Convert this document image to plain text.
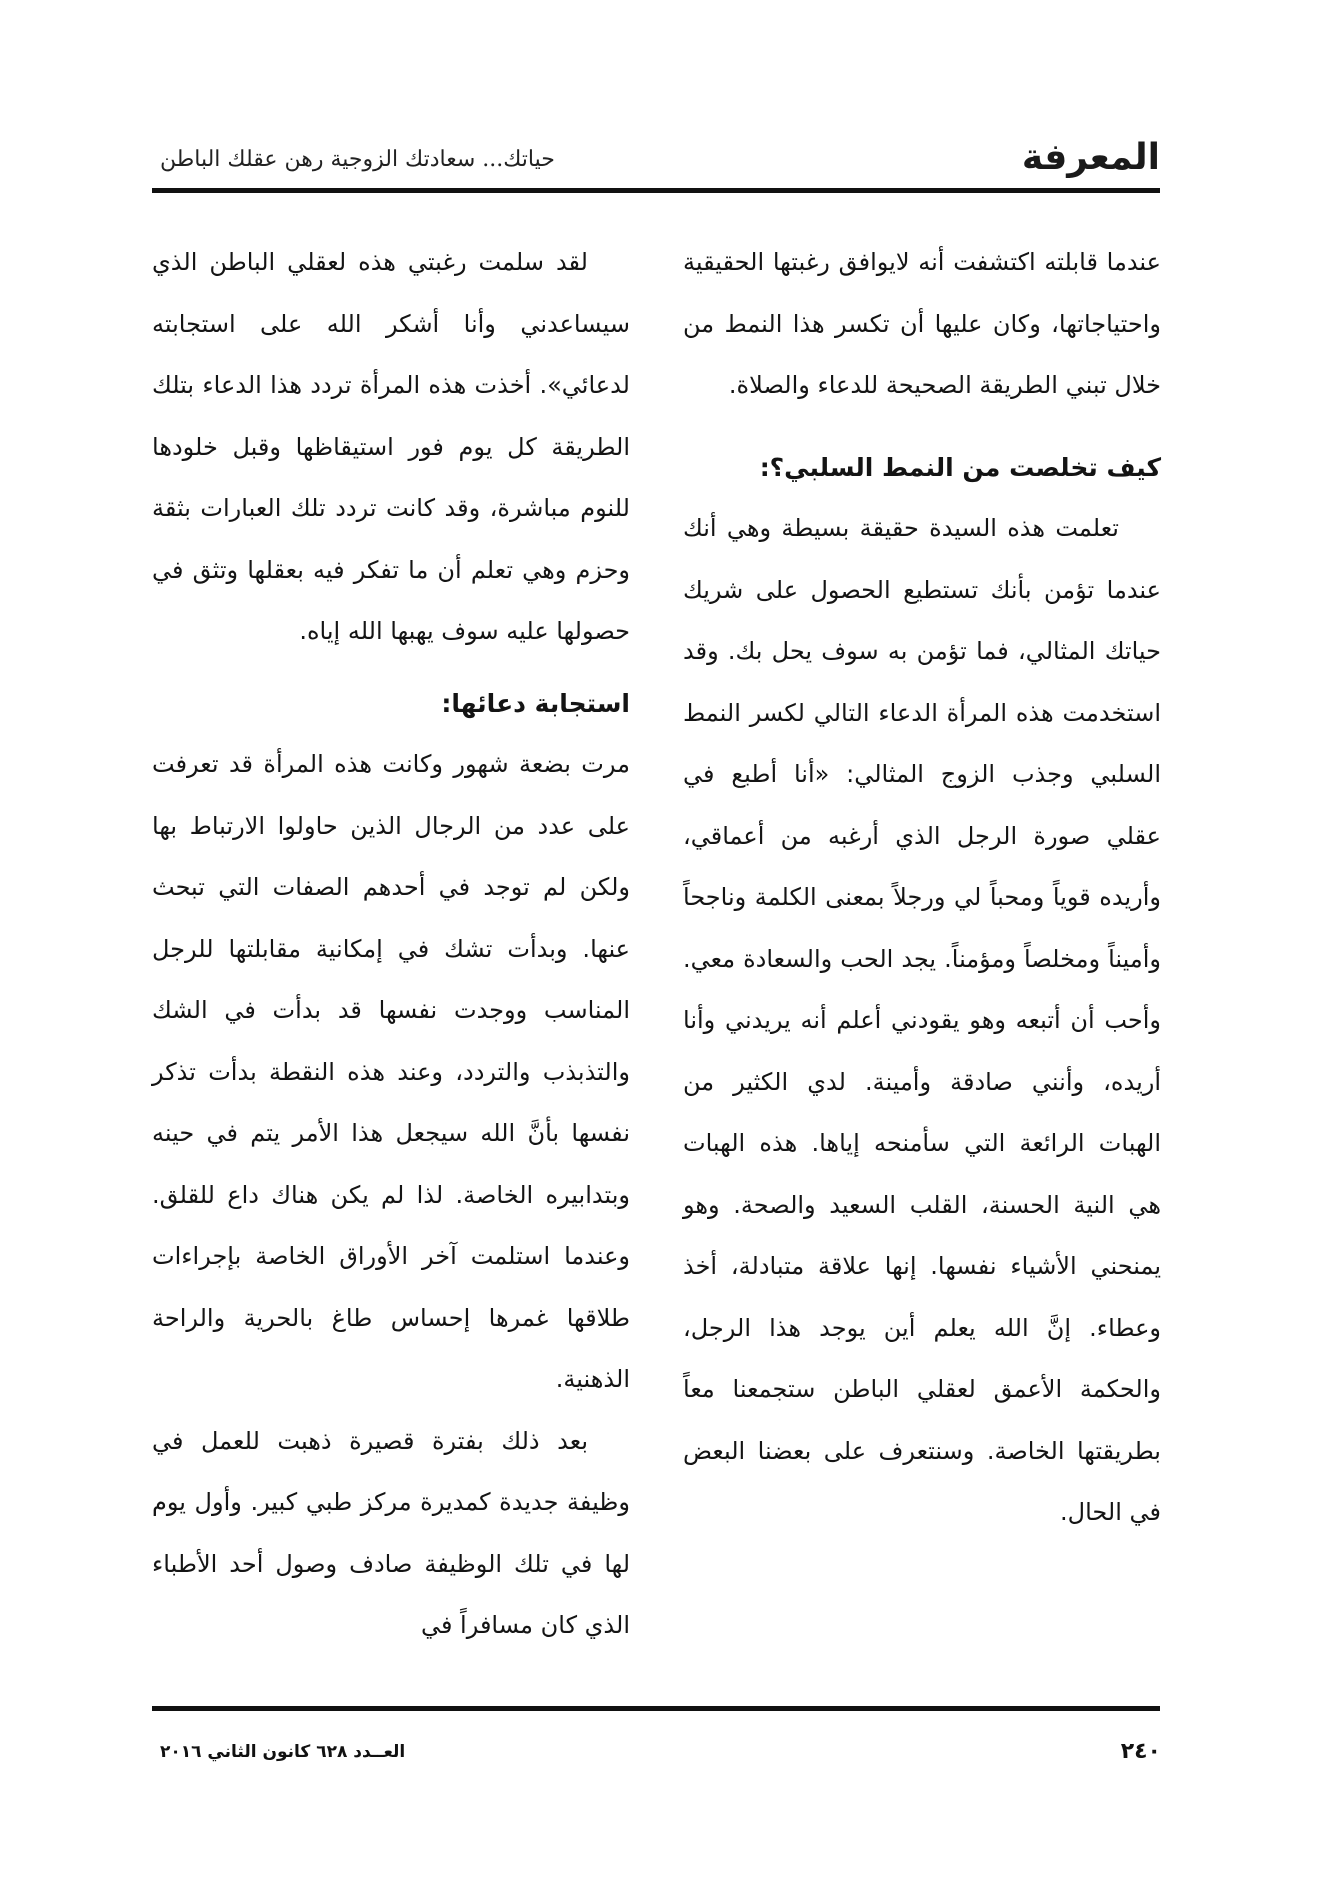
المعرفة
حياتك... سعادتك الزوجية رهن عقلك الباطن

عندما قابلته اكتشفت أنه لايوافق رغبتها الحقيقية واحتياجاتها، وكان عليها أن تكسر هذا النمط من خلال تبني الطريقة الصحيحة للدعاء والصلاة.

كيف تخلصت من النمط السلبي؟:

تعلمت هذه السيدة حقيقة بسيطة وهي أنك عندما تؤمن بأنك تستطيع الحصول على شريك حياتك المثالي، فما تؤمن به سوف يحل بك. وقد استخدمت هذه المرأة الدعاء التالي لكسر النمط السلبي وجذب الزوج المثالي: «أنا أطبع في عقلي صورة الرجل الذي أرغبه من أعماقي، وأريده قوياً ومحباً لي ورجلاً بمعنى الكلمة وناجحاً وأميناً ومخلصاً ومؤمناً. يجد الحب والسعادة معي. وأحب أن أتبعه وهو يقودني أعلم أنه يريدني وأنا أريده، وأنني صادقة وأمينة. لدي الكثير من الهبات الرائعة التي سأمنحه إياها. هذه الهبات هي النية الحسنة، القلب السعيد والصحة. وهو يمنحني الأشياء نفسها. إنها علاقة متبادلة، أخذ وعطاء. إنَّ الله يعلم أين يوجد هذا الرجل، والحكمة الأعمق لعقلي الباطن ستجمعنا معاً بطريقتها الخاصة. وسنتعرف على بعضنا البعض في الحال.

لقد سلمت رغبتي هذه لعقلي الباطن الذي سيساعدني وأنا أشكر الله على استجابته لدعائي». أخذت هذه المرأة تردد هذا الدعاء بتلك الطريقة كل يوم فور استيقاظها وقبل خلودها للنوم مباشرة، وقد كانت تردد تلك العبارات بثقة وحزم وهي تعلم أن ما تفكر فيه بعقلها وتثق في حصولها عليه سوف يهبها الله إياه.

استجابة دعائها:

مرت بضعة شهور وكانت هذه المرأة قد تعرفت على عدد من الرجال الذين حاولوا الارتباط بها ولكن لم توجد في أحدهم الصفات التي تبحث عنها. وبدأت تشك في إمكانية مقابلتها للرجل المناسب ووجدت نفسها قد بدأت في الشك والتذبذب والتردد، وعند هذه النقطة بدأت تذكر نفسها بأنَّ الله سيجعل هذا الأمر يتم في حينه وبتدابيره الخاصة. لذا لم يكن هناك داع للقلق. وعندما استلمت آخر الأوراق الخاصة بإجراءات طلاقها غمرها إحساس طاغ بالحرية والراحة الذهنية.

بعد ذلك بفترة قصيرة ذهبت للعمل في وظيفة جديدة كمديرة مركز طبي كبير. وأول يوم لها في تلك الوظيفة صادف وصول أحد الأطباء الذي كان مسافراً في

٢٤٠
العــدد ٦٢٨ كانون الثاني ٢٠١٦
